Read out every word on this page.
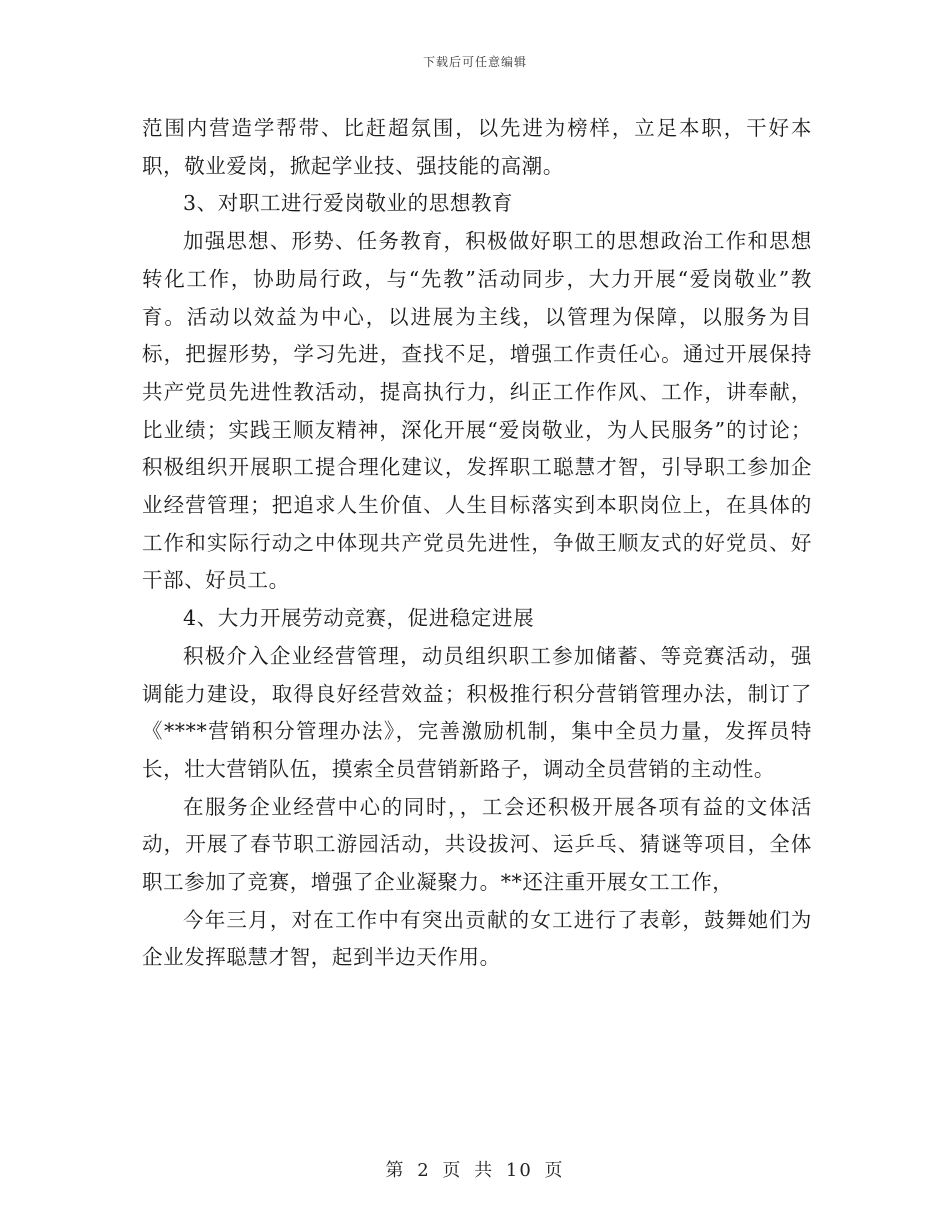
下载后可任意编辑

范围内营造学帮带、比赶超氛围，以先进为榜样，立足本职，干好本职，敬业爱岗，掀起学业技、强技能的高潮。

3、对职工进行爱岗敬业的思想教育

加强思想、形势、任务教育，积极做好职工的思想政治工作和思想转化工作，协助局行政，与“先教”活动同步，大力开展“爱岗敬业”教育。活动以效益为中心，以进展为主线，以管理为保障，以服务为目标，把握形势，学习先进，查找不足，增强工作责任心。通过开展保持共产党员先进性教活动，提高执行力，纠正工作作风、工作，讲奉献，比业绩；实践王顺友精神，深化开展“爱岗敬业，为人民服务”的讨论；积极组织开展职工提合理化建议，发挥职工聪慧才智，引导职工参加企业经营管理；把追求人生价值、人生目标落实到本职岗位上，在具体的工作和实际行动之中体现共产党员先进性，争做王顺友式的好党员、好干部、好员工。

4、大力开展劳动竞赛，促进稳定进展

积极介入企业经营管理，动员组织职工参加储蓄、等竞赛活动，强调能力建设，取得良好经营效益；积极推行积分营销管理办法，制订了《****营销积分管理办法》，完善激励机制，集中全员力量，发挥员特长，壮大营销队伍，摸索全员营销新路子，调动全员营销的主动性。

在服务企业经营中心的同时，，工会还积极开展各项有益的文体活动，开展了春节职工游园活动，共设拔河、运乒乓、猜谜等项目，全体职工参加了竞赛，增强了企业凝聚力。**还注重开展女工工作，

今年三月，对在工作中有突出贡献的女工进行了表彰，鼓舞她们为企业发挥聪慧才智，起到半边天作用。

第 2 页 共 10 页
